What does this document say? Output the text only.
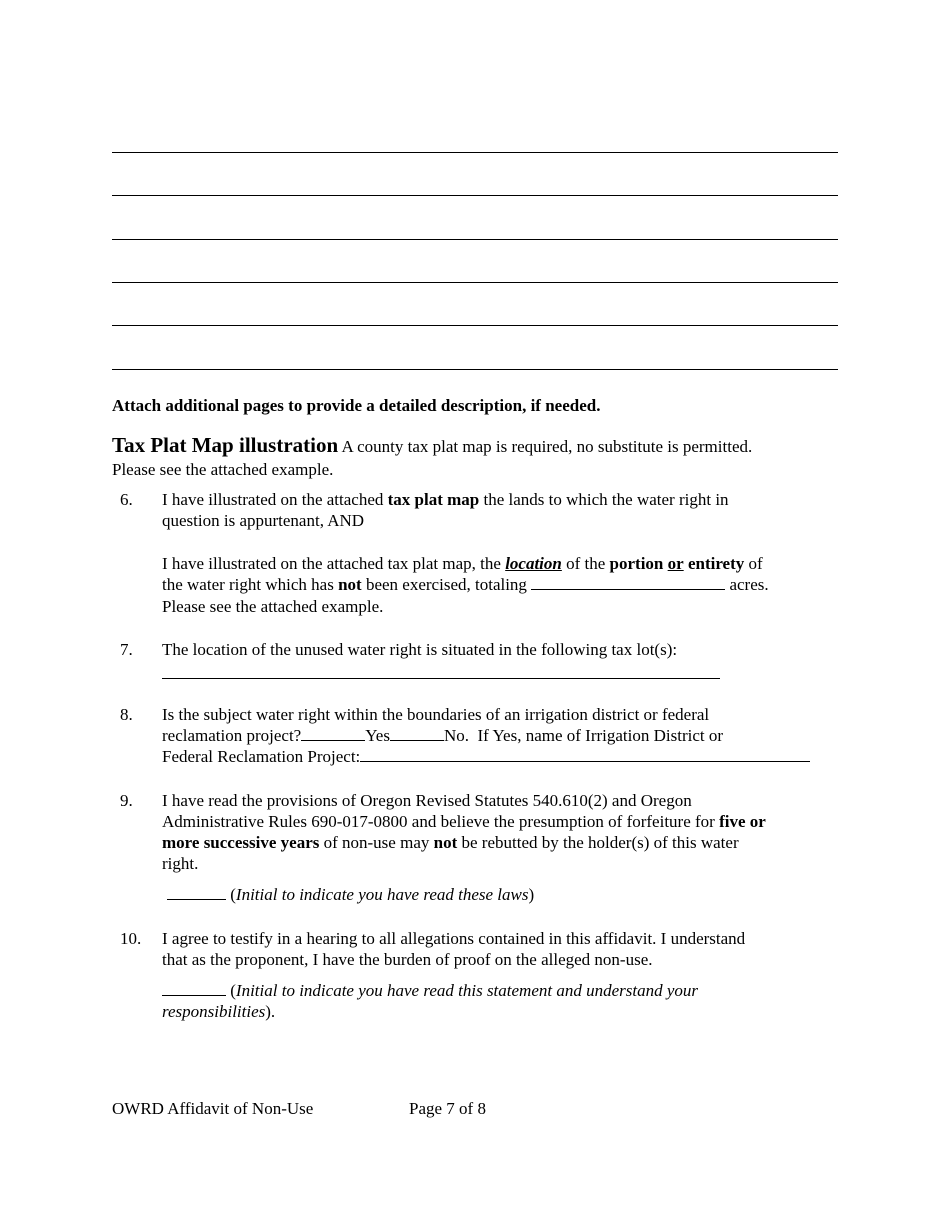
Attach additional pages to provide a detailed description, if needed.
Tax Plat Map illustration A county tax plat map is required, no substitute is permitted.
Please see the attached example.
6. I have illustrated on the attached tax plat map the lands to which the water right in
question is appurtenant, AND
I have illustrated on the attached tax plat map, the location of the portion or entirety of
the water right which has not been exercised, totaling	acres.
Please see the attached example.
7. The location of the unused water right is situated in the following tax lot(s):
8. Is the subject water right within the boundaries of an irrigation district or federal
reclamation project?	Yes	No.  If Yes, name of Irrigation District or
Federal Reclamation Project:
9. I have read the provisions of Oregon Revised Statutes 540.610(2) and Oregon
Administrative Rules 690-017-0800 and believe the presumption of forfeiture for five or
more successive years of non-use may not be rebutted by the holder(s) of this water
right.
(Initial to indicate you have read these laws)
10. I agree to testify in a hearing to all allegations contained in this affidavit. I understand
that as the proponent, I have the burden of proof on the alleged non-use.
(Initial to indicate you have read this statement and understand your
responsibilities).
OWRD Affidavit of Non-Use	Page 7 of 8
